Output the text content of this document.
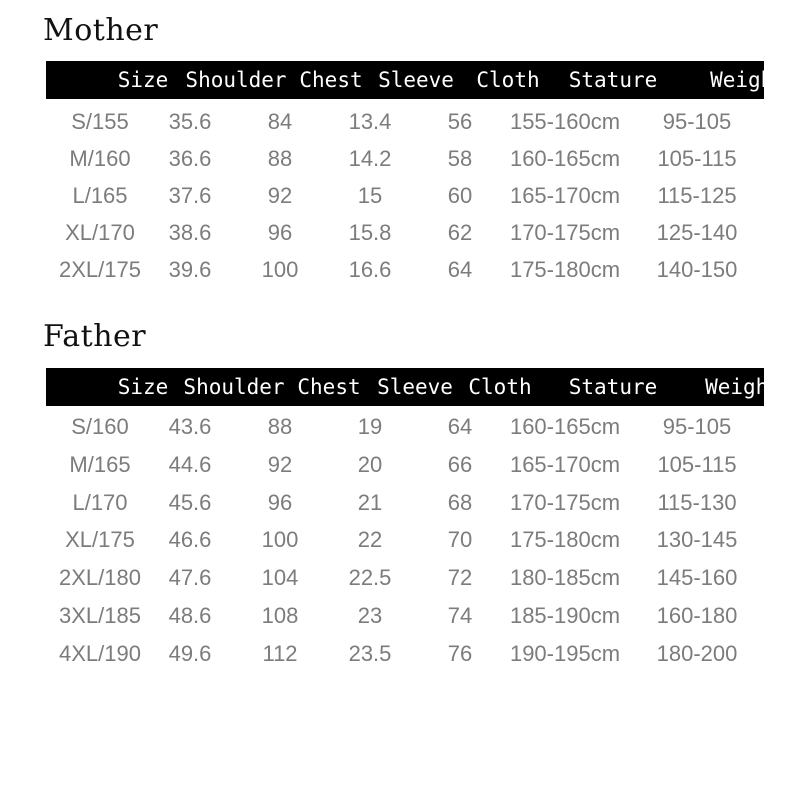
Mother
Size Shoulder Chest Sleeve Cloth Stature	Weight
S/155 35.6	84	13.4	56 155-160cm 95-105
M/160 36.6	88	14.2	58 160-165cm 105-115
L/165 37.6	92	15	60 165-170cm 115-125
XL/170 38.6	96	15.8	62 170-175cm 125-140
2XL/175 39.6 100 16.6	64 175-180cm 140-150
Father
Size Shoulder Chest Sleeve Cloth Stature Weight
S/160 43.6	88	19	64 160-165cm 95-105
M/165 44.6	92	20	66 165-170cm 105-115
L/170 45.6	96	21	68 170-175cm 115-130
XL/175 46.6 100	22	70 175-180cm 130-145
2XL/180 47.6 104 22.5	72 180-185cm 145-160
3XL/185 48.6 108	23	74 185-190cm 160-180
4XL/190 49.6 112 23.5	76 190-195cm 180-200
